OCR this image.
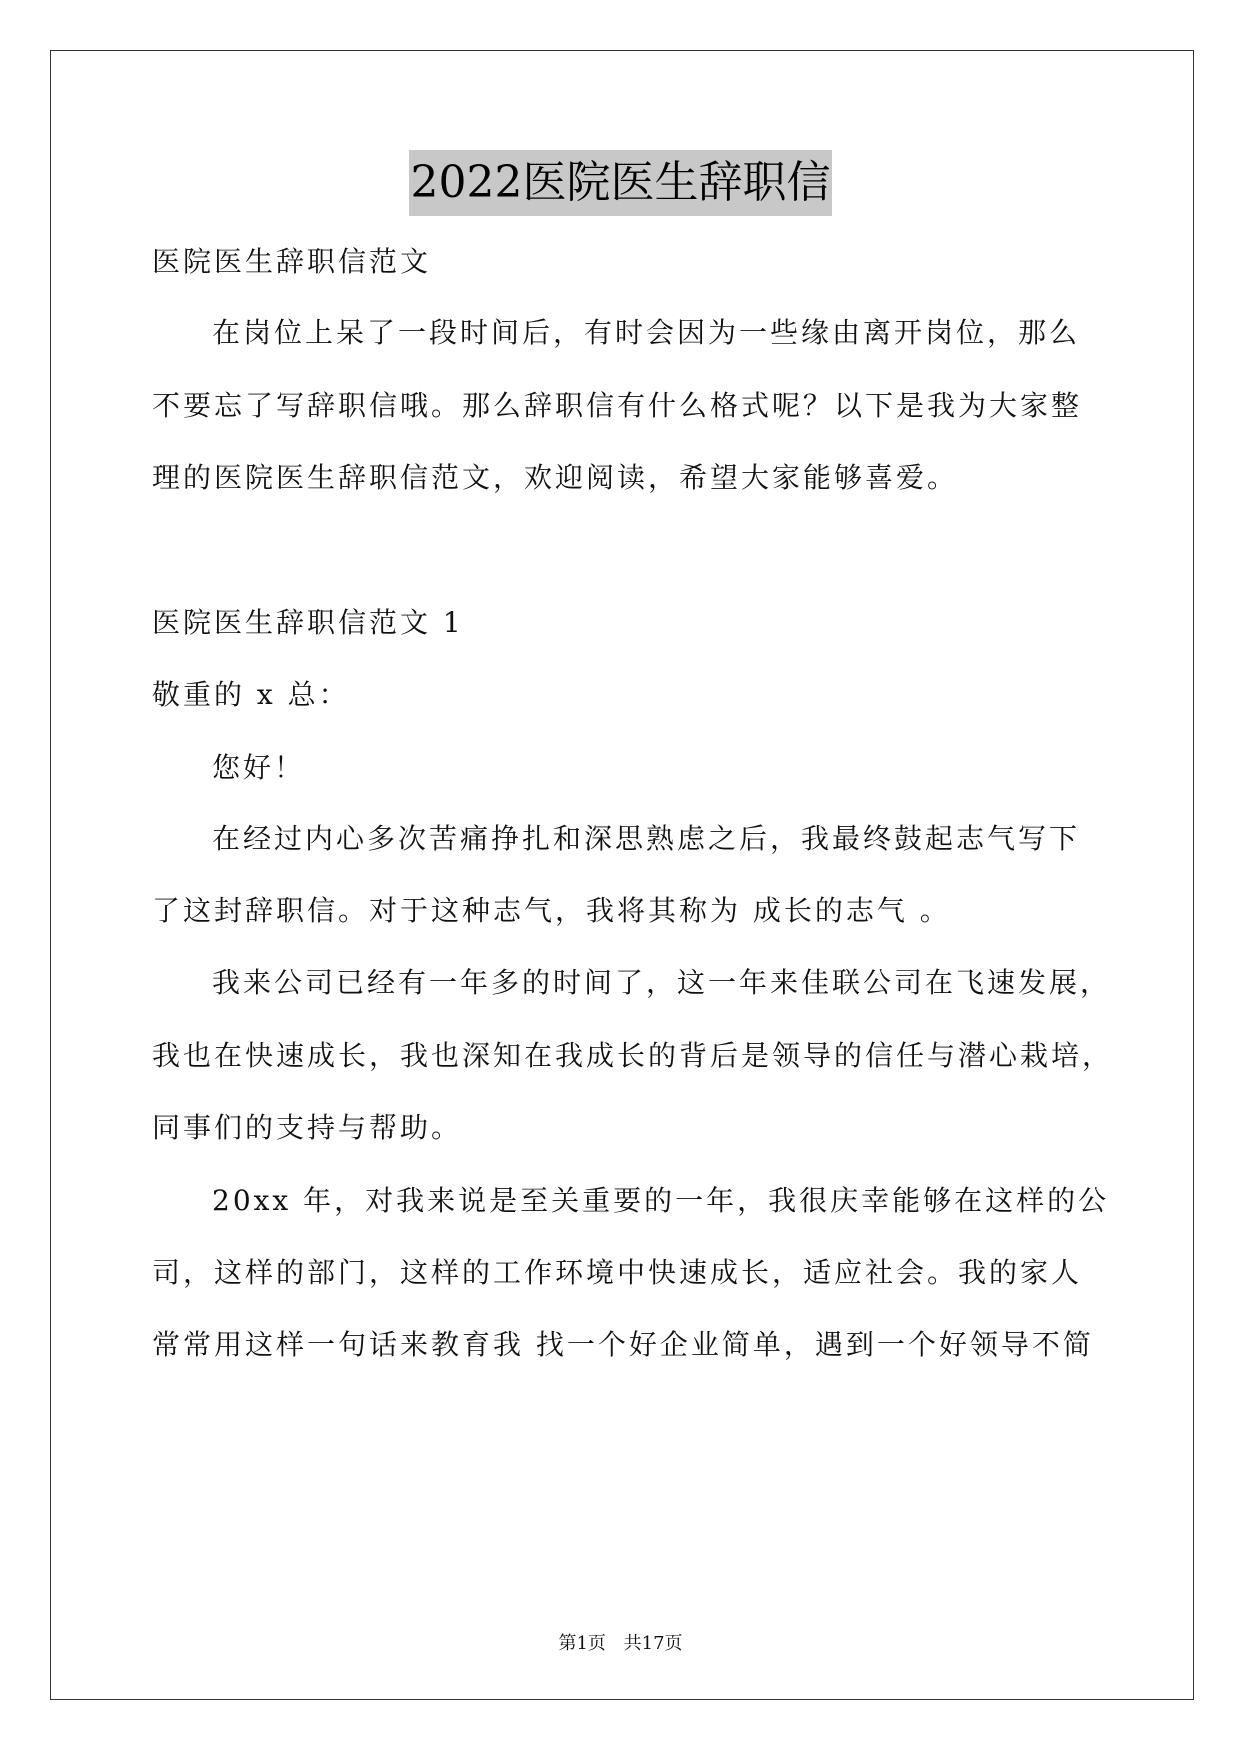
2022医院医生辞职信
医院医生辞职信范文
在岗位上呆了一段时间后，有时会因为一些缘由离开岗位，那么
不要忘了写辞职信哦。那么辞职信有什么格式呢？以下是我为大家整
理的医院医生辞职信范文，欢迎阅读，希望大家能够喜爱。
医院医生辞职信范文 1
敬重的 x 总：
您好！
在经过内心多次苦痛挣扎和深思熟虑之后，我最终鼓起志气写下
了这封辞职信。对于这种志气，我将其称为 成长的志气 。
我来公司已经有一年多的时间了，这一年来佳联公司在飞速发展，
我也在快速成长，我也深知在我成长的背后是领导的信任与潜心栽培，
同事们的支持与帮助。
20xx 年，对我来说是至关重要的一年，我很庆幸能够在这样的公
司，这样的部门，这样的工作环境中快速成长，适应社会。我的家人
常常用这样一句话来教育我 找一个好企业简单，遇到一个好领导不简
第1页 共17页
